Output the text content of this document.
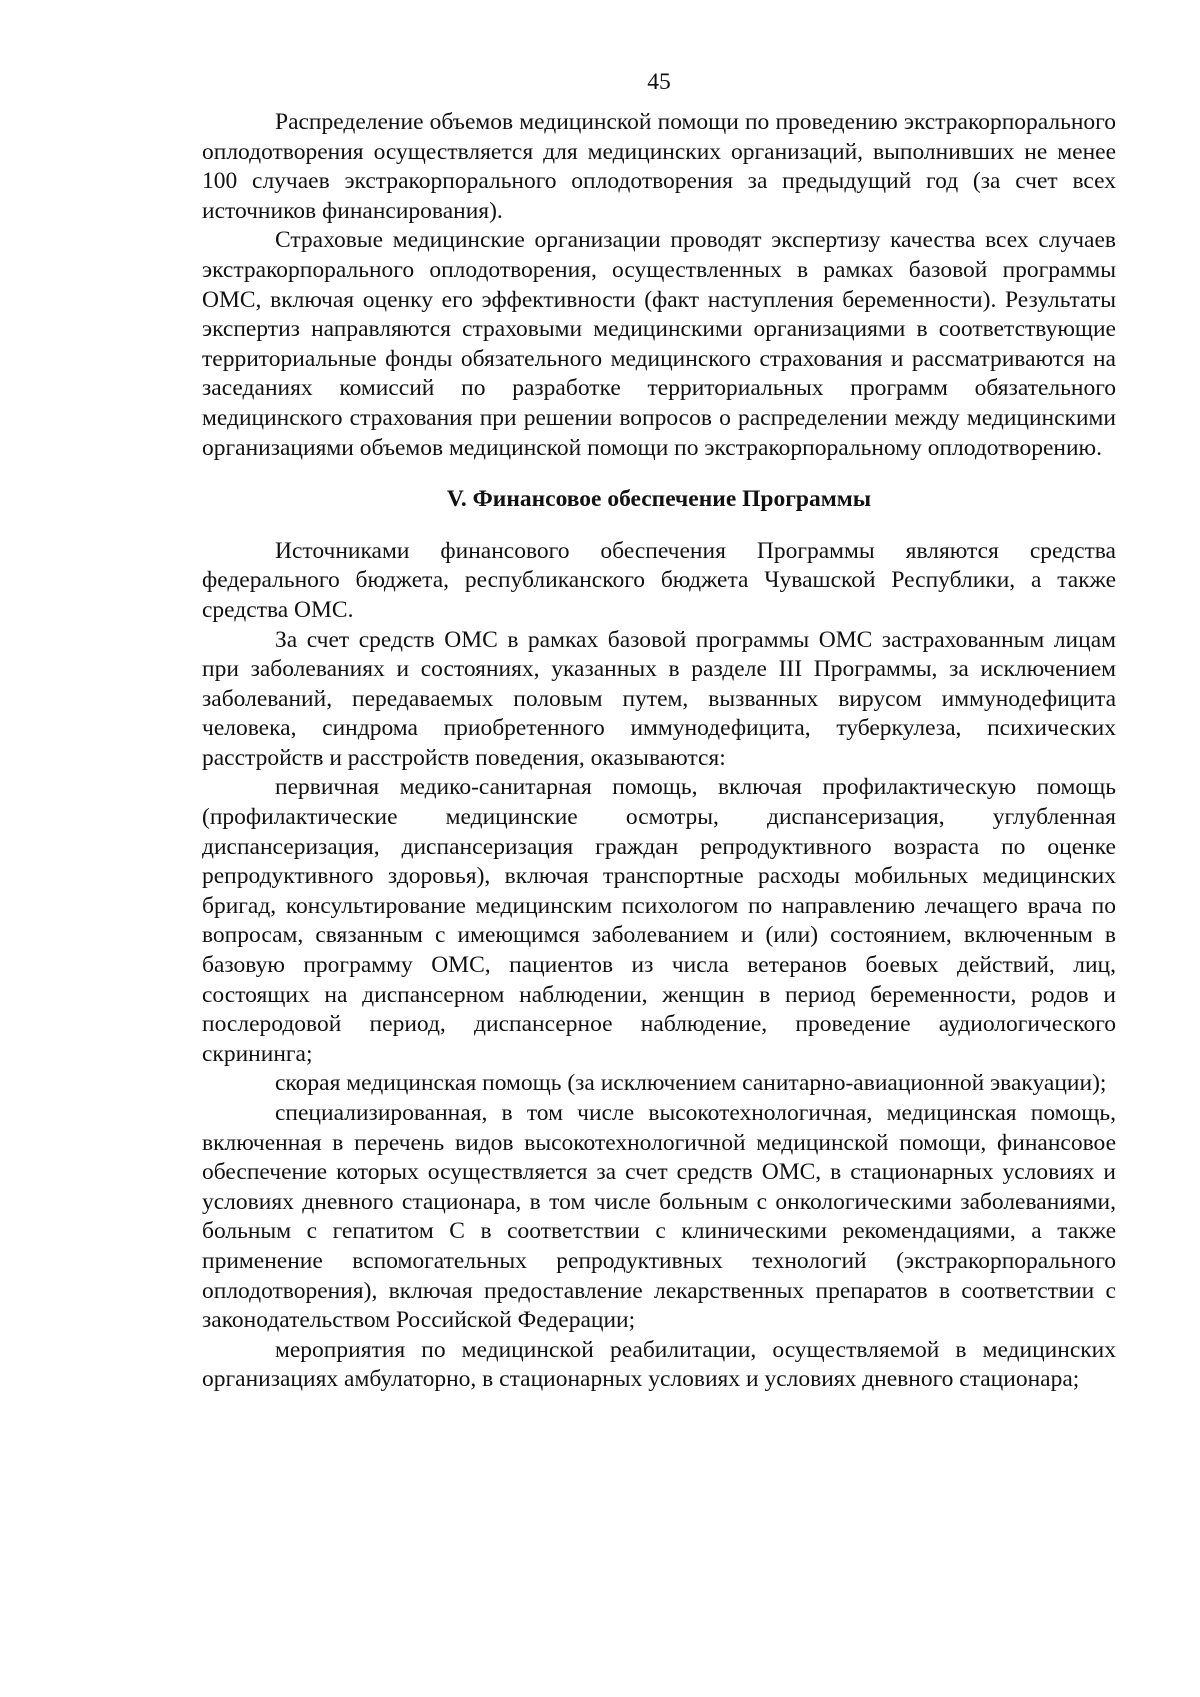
45

Распределение объемов медицинской помощи по проведению экстракорпорального оплодотворения осуществляется для медицинских организаций, выполнивших не менее 100 случаев экстракорпорального оплодотворения за предыдущий год (за счет всех источников финансирования).

Страховые медицинские организации проводят экспертизу качества всех случаев экстракорпорального оплодотворения, осуществленных в рамках базовой программы ОМС, включая оценку его эффективности (факт наступления беременности). Результаты экспертиз направляются страховыми медицинскими организациями в соответствующие территориальные фонды обязательного медицинского страхования и рассматриваются на заседаниях комиссий по разработке территориальных программ обязательного медицинского страхования при решении вопросов о распределении между медицинскими организациями объемов медицинской помощи по экстракорпоральному оплодотворению.

V. Финансовое обеспечение Программы

Источниками финансового обеспечения Программы являются средства федерального бюджета, республиканского бюджета Чувашской Республики, а также средства ОМС.

За счет средств ОМС в рамках базовой программы ОМС застрахованным лицам при заболеваниях и состояниях, указанных в разделе III Программы, за исключением заболеваний, передаваемых половым путем, вызванных вирусом иммунодефицита человека, синдрома приобретенного иммунодефицита, туберкулеза, психических расстройств и расстройств поведения, оказываются:

первичная медико-санитарная помощь, включая профилактическую помощь (профилактические медицинские осмотры, диспансеризация, углубленная диспансеризация, диспансеризация граждан репродуктивного возраста по оценке репродуктивного здоровья), включая транспортные расходы мобильных медицинских бригад, консультирование медицинским психологом по направлению лечащего врача по вопросам, связанным с имеющимся заболеванием и (или) состоянием, включенным в базовую программу ОМС, пациентов из числа ветеранов боевых действий, лиц, состоящих на диспансерном наблюдении, женщин в период беременности, родов и послеродовой период, диспансерное наблюдение, проведение аудиологического скрининга;

скорая медицинская помощь (за исключением санитарно-авиационной эвакуации);

специализированная, в том числе высокотехнологичная, медицинская помощь, включенная в перечень видов высокотехнологичной медицинской помощи, финансовое обеспечение которых осуществляется за счет средств ОМС, в стационарных условиях и условиях дневного стационара, в том числе больным с онкологическими заболеваниями, больным с гепатитом С в соответствии с клиническими рекомендациями, а также применение вспомогательных репродуктивных технологий (экстракорпорального оплодотворения), включая предоставление лекарственных препаратов в соответствии с законодательством Российской Федерации;

мероприятия по медицинской реабилитации, осуществляемой в медицинских организациях амбулаторно, в стационарных условиях и условиях дневного стационара;
